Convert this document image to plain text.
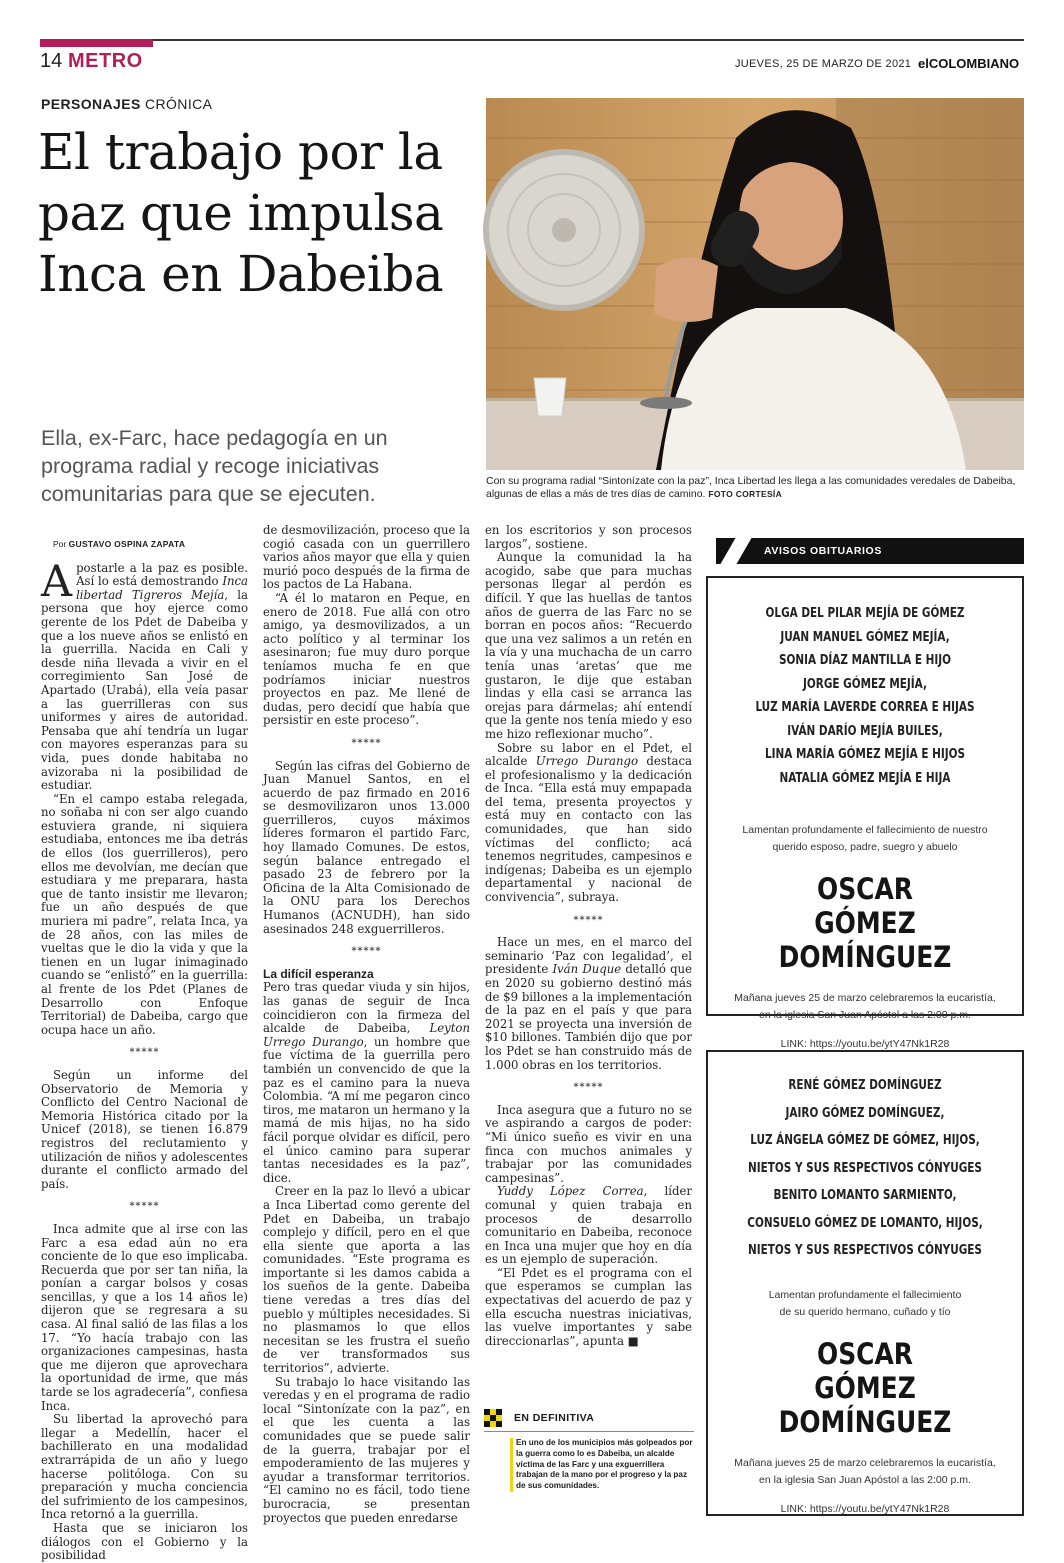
14 METRO	JUEVES, 25 DE MARZO DE 2021 elCOLOMBIANO
PERSONAJES CRÓNICA
El trabajo por la paz que impulsa Inca en Dabeiba
Ella, ex-Farc, hace pedagogía en un programa radial y recoge iniciativas comunitarias para que se ejecuten.
Con su programa radial “Sintonízate con la paz”, Inca Libertad les llega a las comunidades veredales de Dabeiba, algunas de ellas a más de tres días de camino. FOTO CORTESÍA

Por GUSTAVO OSPINA ZAPATA

Apostarle a la paz es posible. Así lo está demostrando Inca libertad Tigreros Mejía, la persona que hoy ejerce como gerente de los Pdet de Dabeiba y que a los nueve años se enlistó en la guerrilla. Nacida en Cali y desde niña llevada a vivir en el corregimiento San José de Apartado (Urabá), ella veía pasar a las guerrilleras con sus uniformes y aires de autoridad. Pensaba que ahí tendría un lugar con mayores esperanzas para su vida, pues donde habitaba no avizoraba ni la posibilidad de estudiar.

“En el campo estaba relegada, no soñaba ni con ser algo cuando estuviera grande, ni siquiera estudiaba, entonces me iba detrás de ellos (los guerrilleros), pero ellos me devolvían, me decían que estudiara y me preparara, hasta que de tanto insistir me llevaron; fue un año después de que muriera mi padre”, relata Inca, ya de 28 años, con las miles de vueltas que le dio la vida y que la tienen en un lugar inimaginado cuando se “enlistó” en la guerrilla: al frente de los Pdet (Planes de Desarrollo con Enfoque Territorial) de Dabeiba, cargo que ocupa hace un año.

*****

Según un informe del Observatorio de Memoria y Conflicto del Centro Nacional de Memoria Histórica citado por la Unicef (2018), se tienen 16.879 registros del reclutamiento y utilización de niños y adolescentes durante el conflicto armado del país.

*****

Inca admite que al irse con las Farc a esa edad aún no era conciente de lo que eso implicaba. Recuerda que por ser tan niña, la ponían a cargar bolsos y cosas sencillas, y que a los 14 años le) dijeron que se regresara a su casa. Al final salió de las filas a los 17. “Yo hacía trabajo con las organizaciones campesinas, hasta que me dijeron que aprovechara la oportunidad de irme, que más tarde se los agradecería”, confiesa Inca.

Su libertad la aprovechó para llegar a Medellín, hacer el bachillerato en una modalidad extrarrápida de un año y luego hacerse politóloga. Con su preparación y mucha conciencia del sufrimiento de los campesinos, Inca retornó a la guerrilla.

Hasta que se iniciaron los diálogos con el Gobierno y la posibilidad

de desmovilización, proceso que la cogió casada con un guerrillero varios años mayor que ella y quien murió poco después de la firma de los pactos de La Habana.

“A él lo mataron en Peque, en enero de 2018. Fue allá con otro amigo, ya desmovilizados, a un acto político y al terminar los asesinaron; fue muy duro porque teníamos mucha fe en que podríamos iniciar nuestros proyectos en paz. Me llené de dudas, pero decidí que había que persistir en este proceso”.

*****

Según las cifras del Gobierno de Juan Manuel Santos, en el acuerdo de paz firmado en 2016 se desmovilizaron unos 13.000 guerrilleros, cuyos máximos líderes formaron el partido Farc, hoy llamado Comunes. De estos, según balance entregado el pasado 23 de febrero por la Oficina de la Alta Comisionado de la ONU para los Derechos Humanos (ACNUDH), han sido asesinados 248 exguerrilleros.

*****

La difícil esperanza

Pero tras quedar viuda y sin hijos, las ganas de seguir de Inca coincidieron con la firmeza del alcalde de Dabeiba, Leyton Urrego Durango, un hombre que fue víctima de la guerrilla pero también un convencido de que la paz es el camino para la nueva Colombia. “A mí me pegaron cinco tiros, me mataron un hermano y la mamá de mis hijas, no ha sido fácil porque olvidar es difícil, pero el único camino para superar tantas necesidades es la paz”, dice.

Creer en la paz lo llevó a ubicar a Inca Libertad como gerente del Pdet en Dabeiba, un trabajo complejo y difícil, pero en el que ella siente que aporta a las comunidades. “Este programa es importante si les damos cabida a los sueños de la gente. Dabeiba tiene veredas a tres días del pueblo y múltiples necesidades. Si no plasmamos lo que ellos necesitan se les frustra el sueño de ver transformados sus territorios”, advierte.

Su trabajo lo hace visitando las veredas y en el programa de radio local “Sintonízate con la paz”, en el que les cuenta a las comunidades que se puede salir de la guerra, trabajar por el empoderamiento de las mujeres y ayudar a transformar territorios. “El camino no es fácil, todo tiene burocracia, se presentan proyectos que pueden enredarse

en los escritorios y son procesos largos”, sostiene.

Aunque la comunidad la ha acogido, sabe que para muchas personas llegar al perdón es difícil. Y que las huellas de tantos años de guerra de las Farc no se borran en pocos años: “Recuerdo que una vez salimos a un retén en la vía y una muchacha de un carro tenía unas ‘aretas’ que me gustaron, le dije que estaban lindas y ella casi se arranca las orejas para dármelas; ahí entendí que la gente nos tenía miedo y eso me hizo reflexionar mucho”.

Sobre su labor en el Pdet, el alcalde Urrego Durango destaca el profesionalismo y la dedicación de Inca. “Ella está muy empapada del tema, presenta proyectos y está muy en contacto con las comunidades, que han sido víctimas del conflicto; acá tenemos negritudes, campesinos e indígenas; Dabeiba es un ejemplo departamental y nacional de convivencia”, subraya.

*****

Hace un mes, en el marco del seminario ‘Paz con legalidad’, el presidente Iván Duque detalló que en 2020 su gobierno destinó más de $9 billones a la implementación de la paz en el país y que para 2021 se proyecta una inversión de $10 billones. También dijo que por los Pdet se han construido más de 1.000 obras en los territorios.

*****

Inca asegura que a futuro no se ve aspirando a cargos de poder: “Mi único sueño es vivir en una finca con muchos animales y trabajar por las comunidades campesinas”.

Yuddy López Correa, líder comunal y quien trabaja en procesos de desarrollo comunitario en Dabeiba, reconoce en Inca una mujer que hoy en día es un ejemplo de superación.

“El Pdet es el programa con el que esperamos se cumplan las expectativas del acuerdo de paz y ella escucha nuestras iniciativas, las vuelve importantes y sabe direccionarlas”, apunta ■

EN DEFINITIVA
En uno de los municipios más golpeados por la guerra como lo es Dabeiba, un alcalde víctima de las Farc y una exguerrillera trabajan de la mano por el progreso y la paz de sus comunidades.
AVISOS OBITUARIOS
OLGA DEL PILAR MEJÍA DE GÓMEZ
JUAN MANUEL GÓMEZ MEJÍA,
SONIA DÍAZ MANTILLA E HIJO
JORGE GÓMEZ MEJÍA,
LUZ MARÍA LAVERDE CORREA E HIJAS
IVÁN DARÍO MEJÍA BUILES,
LINA MARÍA GÓMEZ MEJÍA E HIJOS
NATALIA GÓMEZ MEJÍA E HIJA
Lamentan profundamente el fallecimiento de nuestro
querido esposo, padre, suegro y abuelo
OSCAR
GÓMEZ DOMÍNGUEZ
Mañana jueves 25 de marzo celebraremos la eucaristía,
en la iglesia San Juan Apóstol a las 2:00 p.m.
LINK: https://youtu.be/ytY47Nk1R28
RENÉ GÓMEZ DOMÍNGUEZ
JAIRO GÓMEZ DOMÍNGUEZ,
LUZ ÁNGELA GÓMEZ DE GÓMEZ, HIJOS,
NIETOS Y SUS RESPECTIVOS CÓNYUGES
BENITO LOMANTO SARMIENTO,
CONSUELO GÓMEZ DE LOMANTO, HIJOS,
NIETOS Y SUS RESPECTIVOS CÓNYUGES
Lamentan profundamente el fallecimiento
de su querido hermano, cuñado y tío
OSCAR
GÓMEZ DOMÍNGUEZ
Mañana jueves 25 de marzo celebraremos la eucaristía,
en la iglesia San Juan Apóstol a las 2:00 p.m.
LINK: https://youtu.be/ytY47Nk1R28
